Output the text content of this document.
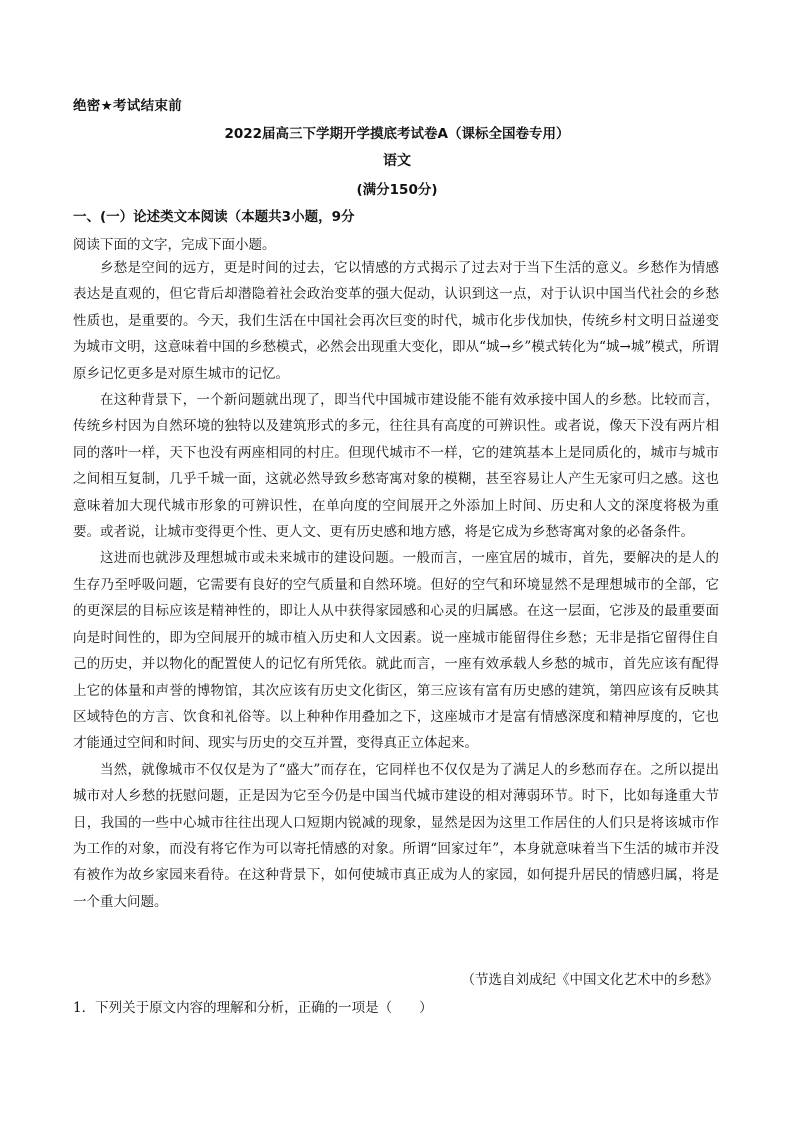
绝密★考试结束前
2022届高三下学期开学摸底考试卷A（课标全国卷专用）
语文
(满分150分)
一、(一）论述类文本阅读（本题共3小题，9分
阅读下面的文字，完成下面小题。

乡愁是空间的远方，更是时间的过去，它以情感的方式揭示了过去对于当下生活的意义。乡愁作为情感表达是直观的，但它背后却潜隐着社会政治变革的强大促动，认识到这一点，对于认识中国当代社会的乡愁性质也，是重要的。今天，我们生活在中国社会再次巨变的时代，城市化步伐加快，传统乡村文明日益递变为城市文明，这意味着中国的乡愁模式，必然会出现重大变化，即从“城→乡”模式转化为“城→城”模式，所谓原乡记忆更多是对原生城市的记忆。

在这种背景下，一个新问题就出现了，即当代中国城市建设能不能有效承接中国人的乡愁。比较而言，传统乡村因为自然环境的独特以及建筑形式的多元，往往具有高度的可辨识性。或者说，像天下没有两片相同的落叶一样，天下也没有两座相同的村庄。但现代城市不一样，它的建筑基本上是同质化的，城市与城市之间相互复制，几乎千城一面，这就必然导致乡愁寄寓对象的模糊，甚至容易让人产生无家可归之感。这也意味着加大现代城市形象的可辨识性，在单向度的空间展开之外添加上时间、历史和人文的深度将极为重要。或者说，让城市变得更个性、更人文、更有历史感和地方感，将是它成为乡愁寄寓对象的必备条件。

这进而也就涉及理想城市或未来城市的建设问题。一般而言，一座宜居的城市，首先，要解决的是人的生存乃至呼吸问题，它需要有良好的空气质量和自然环境。但好的空气和环境显然不是理想城市的全部，它的更深层的目标应该是精神性的，即让人从中获得家园感和心灵的归属感。在这一层面，它涉及的最重要面向是时间性的，即为空间展开的城市植入历史和人文因素。说一座城市能留得住乡愁；无非是指它留得住自己的历史，并以物化的配置使人的记忆有所凭依。就此而言，一座有效承载人乡愁的城市，首先应该有配得上它的体量和声誉的博物馆，其次应该有历史文化街区，第三应该有富有历史感的建筑，第四应该有反映其区域特色的方言、饮食和礼俗等。以上种种作用叠加之下，这座城市才是富有情感深度和精神厚度的，它也才能通过空间和时间、现实与历史的交互并置，变得真正立体起来。

当然，就像城市不仅仅是为了“盛大”而存在，它同样也不仅仅是为了满足人的乡愁而存在。之所以提出城市对人乡愁的抚慰问题，正是因为它至今仍是中国当代城市建设的相对薄弱环节。时下，比如每逢重大节日，我国的一些中心城市往往出现人口短期内锐减的现象，显然是因为这里工作居住的人们只是将该城市作为工作的对象，而没有将它作为可以寄托情感的对象。所谓“回家过年”，本身就意味着当下生活的城市并没有被作为故乡家园来看待。在这种背景下，如何使城市真正成为人的家园，如何提升居民的情感归属，将是一个重大问题。

（节选自刘成纪《中国文化艺术中的乡愁》
1．下列关于原文内容的理解和分析，正确的一项是（　　）
